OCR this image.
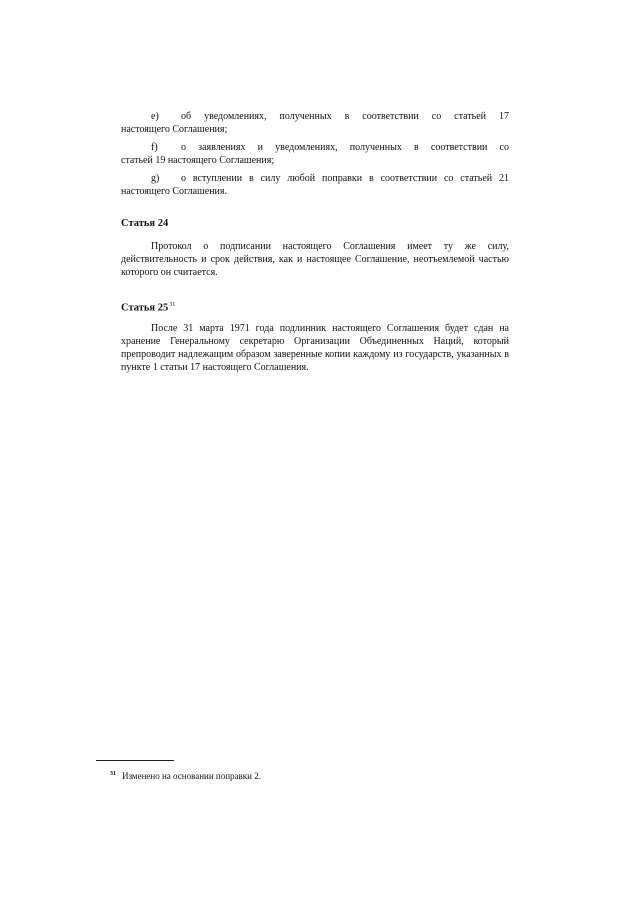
e)	об уведомлениях, полученных в соответствии со статьей 17
настоящего Соглашения;
f)	о заявлениях и уведомлениях, полученных в соответствии со
статьей 19 настоящего Соглашения;
g)	о вступлении в силу любой поправки в соответствии со статьей 21
настоящего Соглашения.
Статья 24
Протокол о подписании настоящего Соглашения имеет ту же силу, действительность и срок действия, как и настоящее Соглашение, неотъемлемой частью которого он считается.
Статья $25^{31}$
После 31 марта 1971 года подлинник настоящего Соглашения будет сдан на хранение Генеральному секретарю Организации Объединенных Наций, который препроводит надлежащим образом заверенные копии каждому из государств, указанных в пункте 1 статьи 17 настоящего Соглашения.
$^{31}$ Изменено на основании поправки 2.
